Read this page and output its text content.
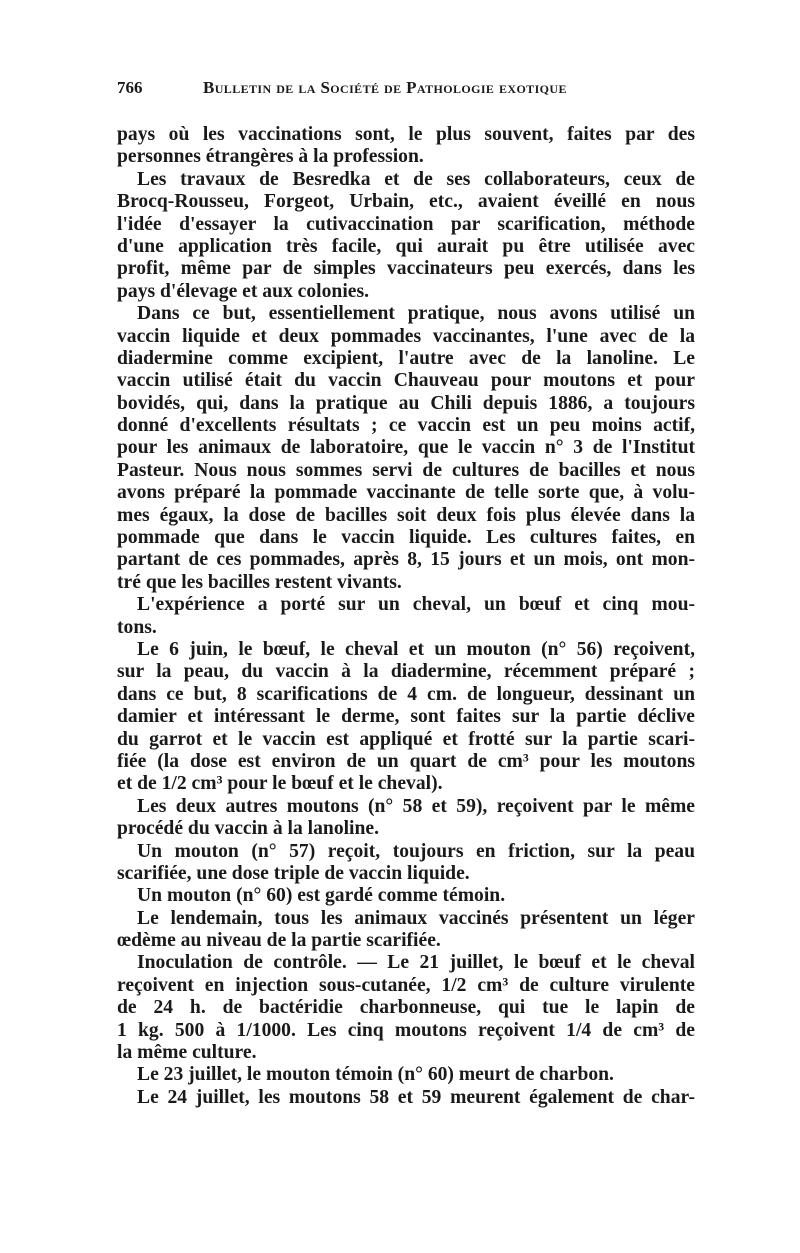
766	Bulletin de la Société de Pathologie exotique
pays où les vaccinations sont, le plus souvent, faites par des
personnes étrangères à la profession.
Les travaux de Besredka et de ses collaborateurs, ceux de
Brocq-Rousseu, Forgeot, Urbain, etc., avaient éveillé en nous
l'idée d'essayer la cutivaccination par scarification, méthode
d'une application très facile, qui aurait pu être utilisée avec
profit, même par de simples vaccinateurs peu exercés, dans les
pays d'élevage et aux colonies.
Dans ce but, essentiellement pratique, nous avons utilisé un
vaccin liquide et deux pommades vaccinantes, l'une avec de la
diadermine comme excipient, l'autre avec de la lanoline. Le
vaccin utilisé était du vaccin Chauveau pour moutons et pour
bovidés, qui, dans la pratique au Chili depuis 1886, a toujours
donné d'excellents résultats ; ce vaccin est un peu moins actif,
pour les animaux de laboratoire, que le vaccin n° 3 de l'Institut
Pasteur. Nous nous sommes servi de cultures de bacilles et nous
avons préparé la pommade vaccinante de telle sorte que, à volu-
mes égaux, la dose de bacilles soit deux fois plus élevée dans la
pommade que dans le vaccin liquide. Les cultures faites, en
partant de ces pommades, après 8, 15 jours et un mois, ont mon-
tré que les bacilles restent vivants.
L'expérience a porté sur un cheval, un bœuf et cinq mou-
tons.
Le 6 juin, le bœuf, le cheval et un mouton (n° 56) reçoivent,
sur la peau, du vaccin à la diadermine, récemment préparé ;
dans ce but, 8 scarifications de 4 cm. de longueur, dessinant un
damier et intéressant le derme, sont faites sur la partie déclive
du garrot et le vaccin est appliqué et frotté sur la partie scari-
fiée (la dose est environ de un quart de cm³ pour les moutons
et de 1/2 cm³ pour le bœuf et le cheval).
Les deux autres moutons (n° 58 et 59), reçoivent par le même
procédé du vaccin à la lanoline.
Un mouton (n° 57) reçoit, toujours en friction, sur la peau
scarifiée, une dose triple de vaccin liquide.
Un mouton (n° 60) est gardé comme témoin.
Le lendemain, tous les animaux vaccinés présentent un léger
œdème au niveau de la partie scarifiée.
Inoculation de contrôle. — Le 21 juillet, le bœuf et le cheval
reçoivent en injection sous-cutanée, 1/2 cm³ de culture virulente
de 24 h. de bactéridie charbonneuse, qui tue le lapin de
1 kg. 500 à 1/1000. Les cinq moutons reçoivent 1/4 de cm³ de
la même culture.
Le 23 juillet, le mouton témoin (n° 60) meurt de charbon.
Le 24 juillet, les moutons 58 et 59 meurent également de char-
